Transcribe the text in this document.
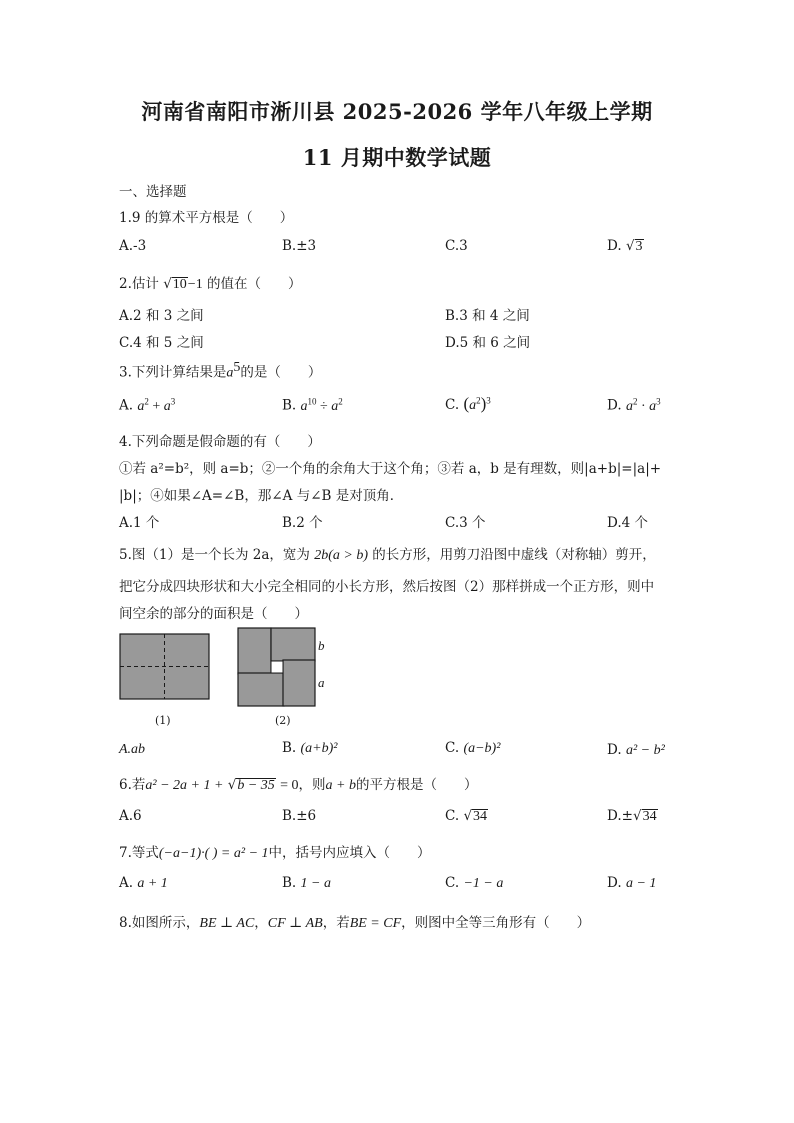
河南省南阳市淅川县 2025-2026 学年八年级上学期
11 月期中数学试题
一、选择题
1.9 的算术平方根是（　　）
A.-3	B.±3	C.3	D. √3
2.估计 √10−1 的值在（　　）
A.2 和 3 之间	B.3 和 4 之间
C.4 和 5 之间	D.5 和 6 之间
3.下列计算结果是$a^5$的是（　　）
A. $a^2 + a^3$	B. $a^{10} \div a^2$	C. $(a^2)^3$	D. $a^2 \cdot a^3$
4.下列命题是假命题的有（　　）
①若 a²=b²，则 a=b；②一个角的余角大于这个角；③若 a，b 是有理数，则|a+b|=|a|+
|b|；④如果∠A=∠B，那∠A 与∠B 是对顶角．
A.1 个	B.2 个	C.3 个	D.4 个
5.图（1）是一个长为 2a，宽为 2b(a > b) 的长方形，用剪刀沿图中虚线（对称轴）剪开，
把它分成四块形状和大小完全相同的小长方形，然后按图（2）那样拼成一个正方形，则中
间空余的部分的面积是（　　）
(1)
b
a
(2)
A.ab	B. (a+b)²	C. (a−b)²	D. a² − b²
6.若a² − 2a + 1 + √b − 35 = 0，则a + b的平方根是（　　）
A.6	B.±6	C. √34	D.±√34
7.等式(−a−1)·( ) = a² − 1中，括号内应填入（　　）
A. a + 1	B. 1 − a	C. −1 − a	D. a − 1
8.如图所示，BE ⊥ AC，CF ⊥ AB，若BE = CF，则图中全等三角形有（　　）
